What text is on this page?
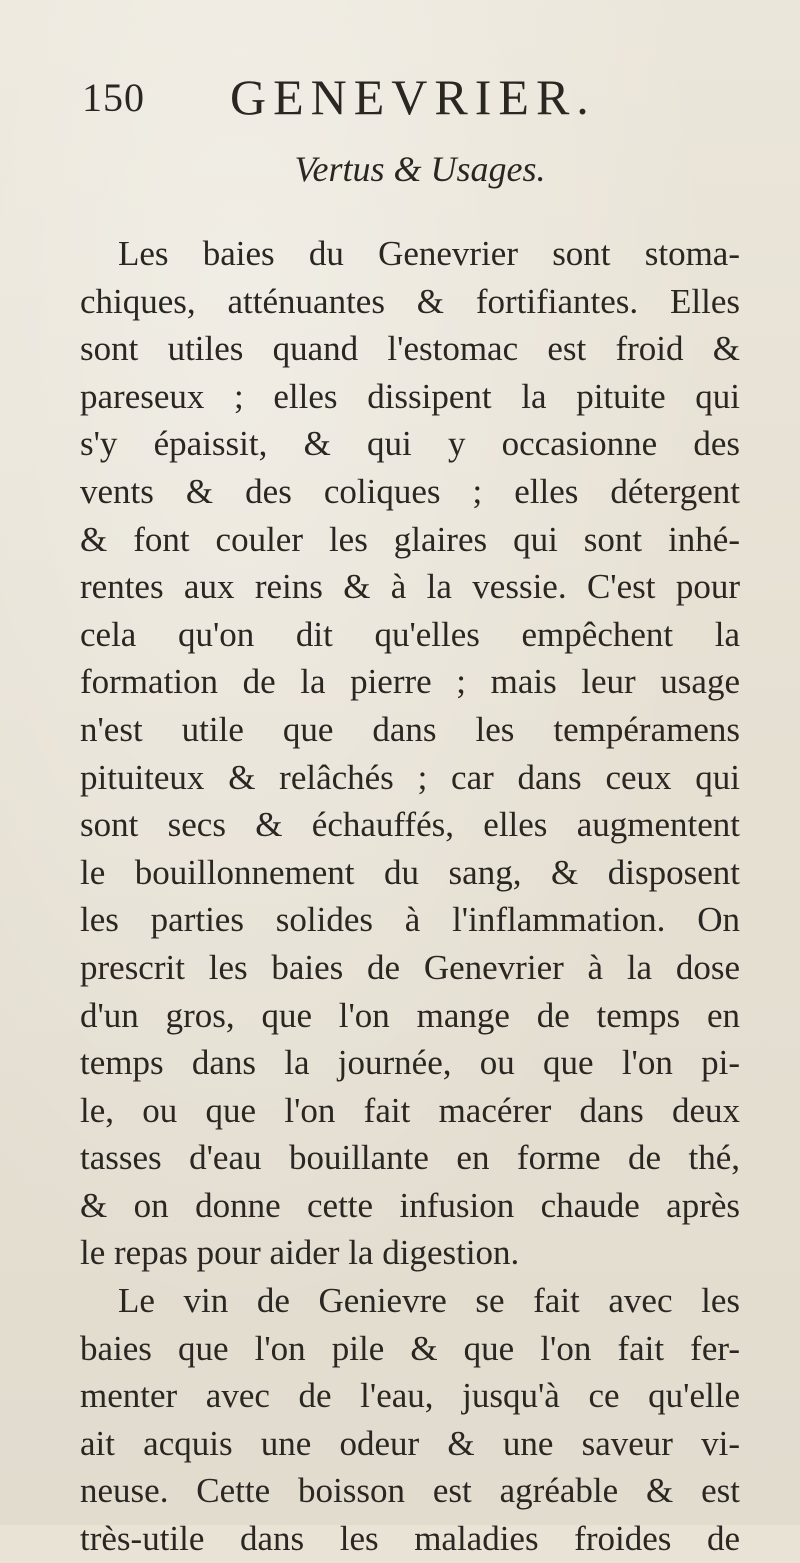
150 GENEVRIER.
Vertus & Usages.
Les baies du Genevrier sont stoma-
chiques, atténuantes & fortifiantes. Elles
sont utiles quand l'estomac est froid &
pareseux ; elles dissipent la pituite qui
s'y épaissit, & qui y occasionne des
vents & des coliques ; elles détergent
& font couler les glaires qui sont inhé-
rentes aux reins & à la vessie. C'est pour
cela qu'on dit qu'elles empêchent la
formation de la pierre ; mais leur usage
n'est utile que dans les tempéramens
pituiteux & relâchés ; car dans ceux qui
sont secs & échauffés, elles augmentent
le bouillonnement du sang, & disposent
les parties solides à l'inflammation. On
prescrit les baies de Genevrier à la dose
d'un gros, que l'on mange de temps en
temps dans la journée, ou que l'on pi-
le, ou que l'on fait macérer dans deux
tasses d'eau bouillante en forme de thé,
& on donne cette infusion chaude après
le repas pour aider la digestion.
Le vin de Genievre se fait avec les
baies que l'on pile & que l'on fait fer-
menter avec de l'eau, jusqu'à ce qu'elle
ait acquis une odeur & une saveur vi-
neuse. Cette boisson est agréable & est
très-utile dans les maladies froides de
